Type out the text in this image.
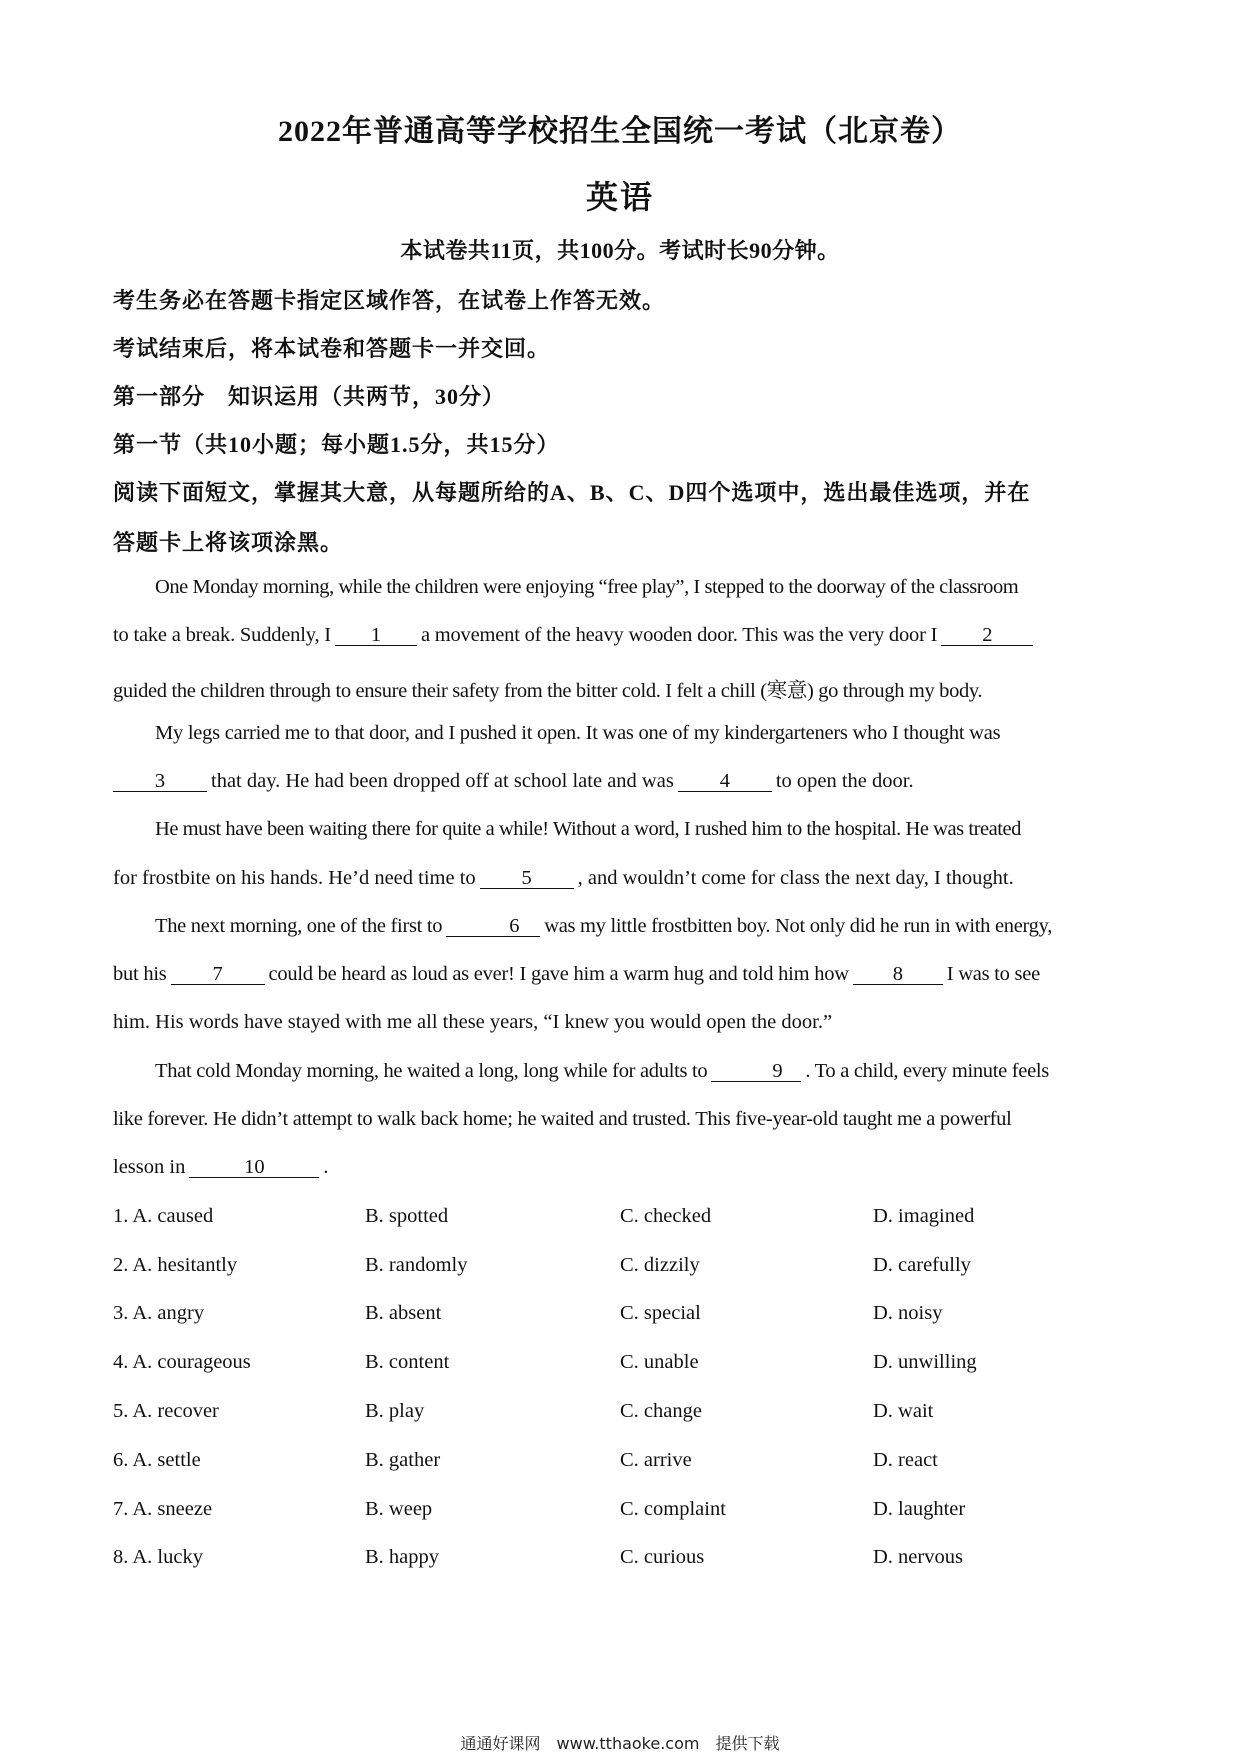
2022年普通高等学校招生全国统一考试（北京卷）
英语
本试卷共11页，共100分。考试时长90分钟。
考生务必在答题卡指定区域作答，在试卷上作答无效。
考试结束后，将本试卷和答题卡一并交回。
第一部分　知识运用（共两节，30分）
第一节（共10小题；每小题1.5分，共15分）
阅读下面短文，掌握其大意，从每题所给的A、B、C、D四个选项中，选出最佳选项，并在
答题卡上将该项涂黑。
One Monday morning, while the children were enjoying “free play”, I stepped to the doorway of the classroom
to take a break. Suddenly, I 1 a movement of the heavy wooden door. This was the very door I 2
guided the children through to ensure their safety from the bitter cold. I felt a chill (寒意) go through my body.
My legs carried me to that door, and I pushed it open. It was one of my kindergarteners who I thought was
3 that day. He had been dropped off at school late and was 4 to open the door.
He must have been waiting there for quite a while! Without a word, I rushed him to the hospital. He was treated
for frostbite on his hands. He’d need time to 5 , and wouldn’t come for class the next day, I thought.
The next morning, one of the first to	6 was my little frostbitten boy. Not only did he run in with energy,
but his 7 could be heard as loud as ever! I gave him a warm hug and told him how 8 I was to see
him. His words have stayed with me all these years, “I knew you would open the door.”
That cold Monday morning, he waited a long, long while for adults to	9 . To a child, every minute feels
like forever. He didn’t attempt to walk back home; he waited and trusted. This five-year-old taught me a powerful
lesson in	10	.
1. A. caused	B. spotted	C. checked	D. imagined
2. A. hesitantly	B. randomly	C. dizzily	D. carefully
3. A. angry	B. absent	C. special	D. noisy
4. A. courageous	B. content	C. unable	D. unwilling
5. A. recover	B. play	C. change	D. wait
6. A. settle	B. gather	C. arrive	D. react
7. A. sneeze	B. weep	C. complaint	D. laughter
8. A. lucky	B. happy	C. curious	D. nervous
通通好课网　www.tthaoke.com　提供下载
